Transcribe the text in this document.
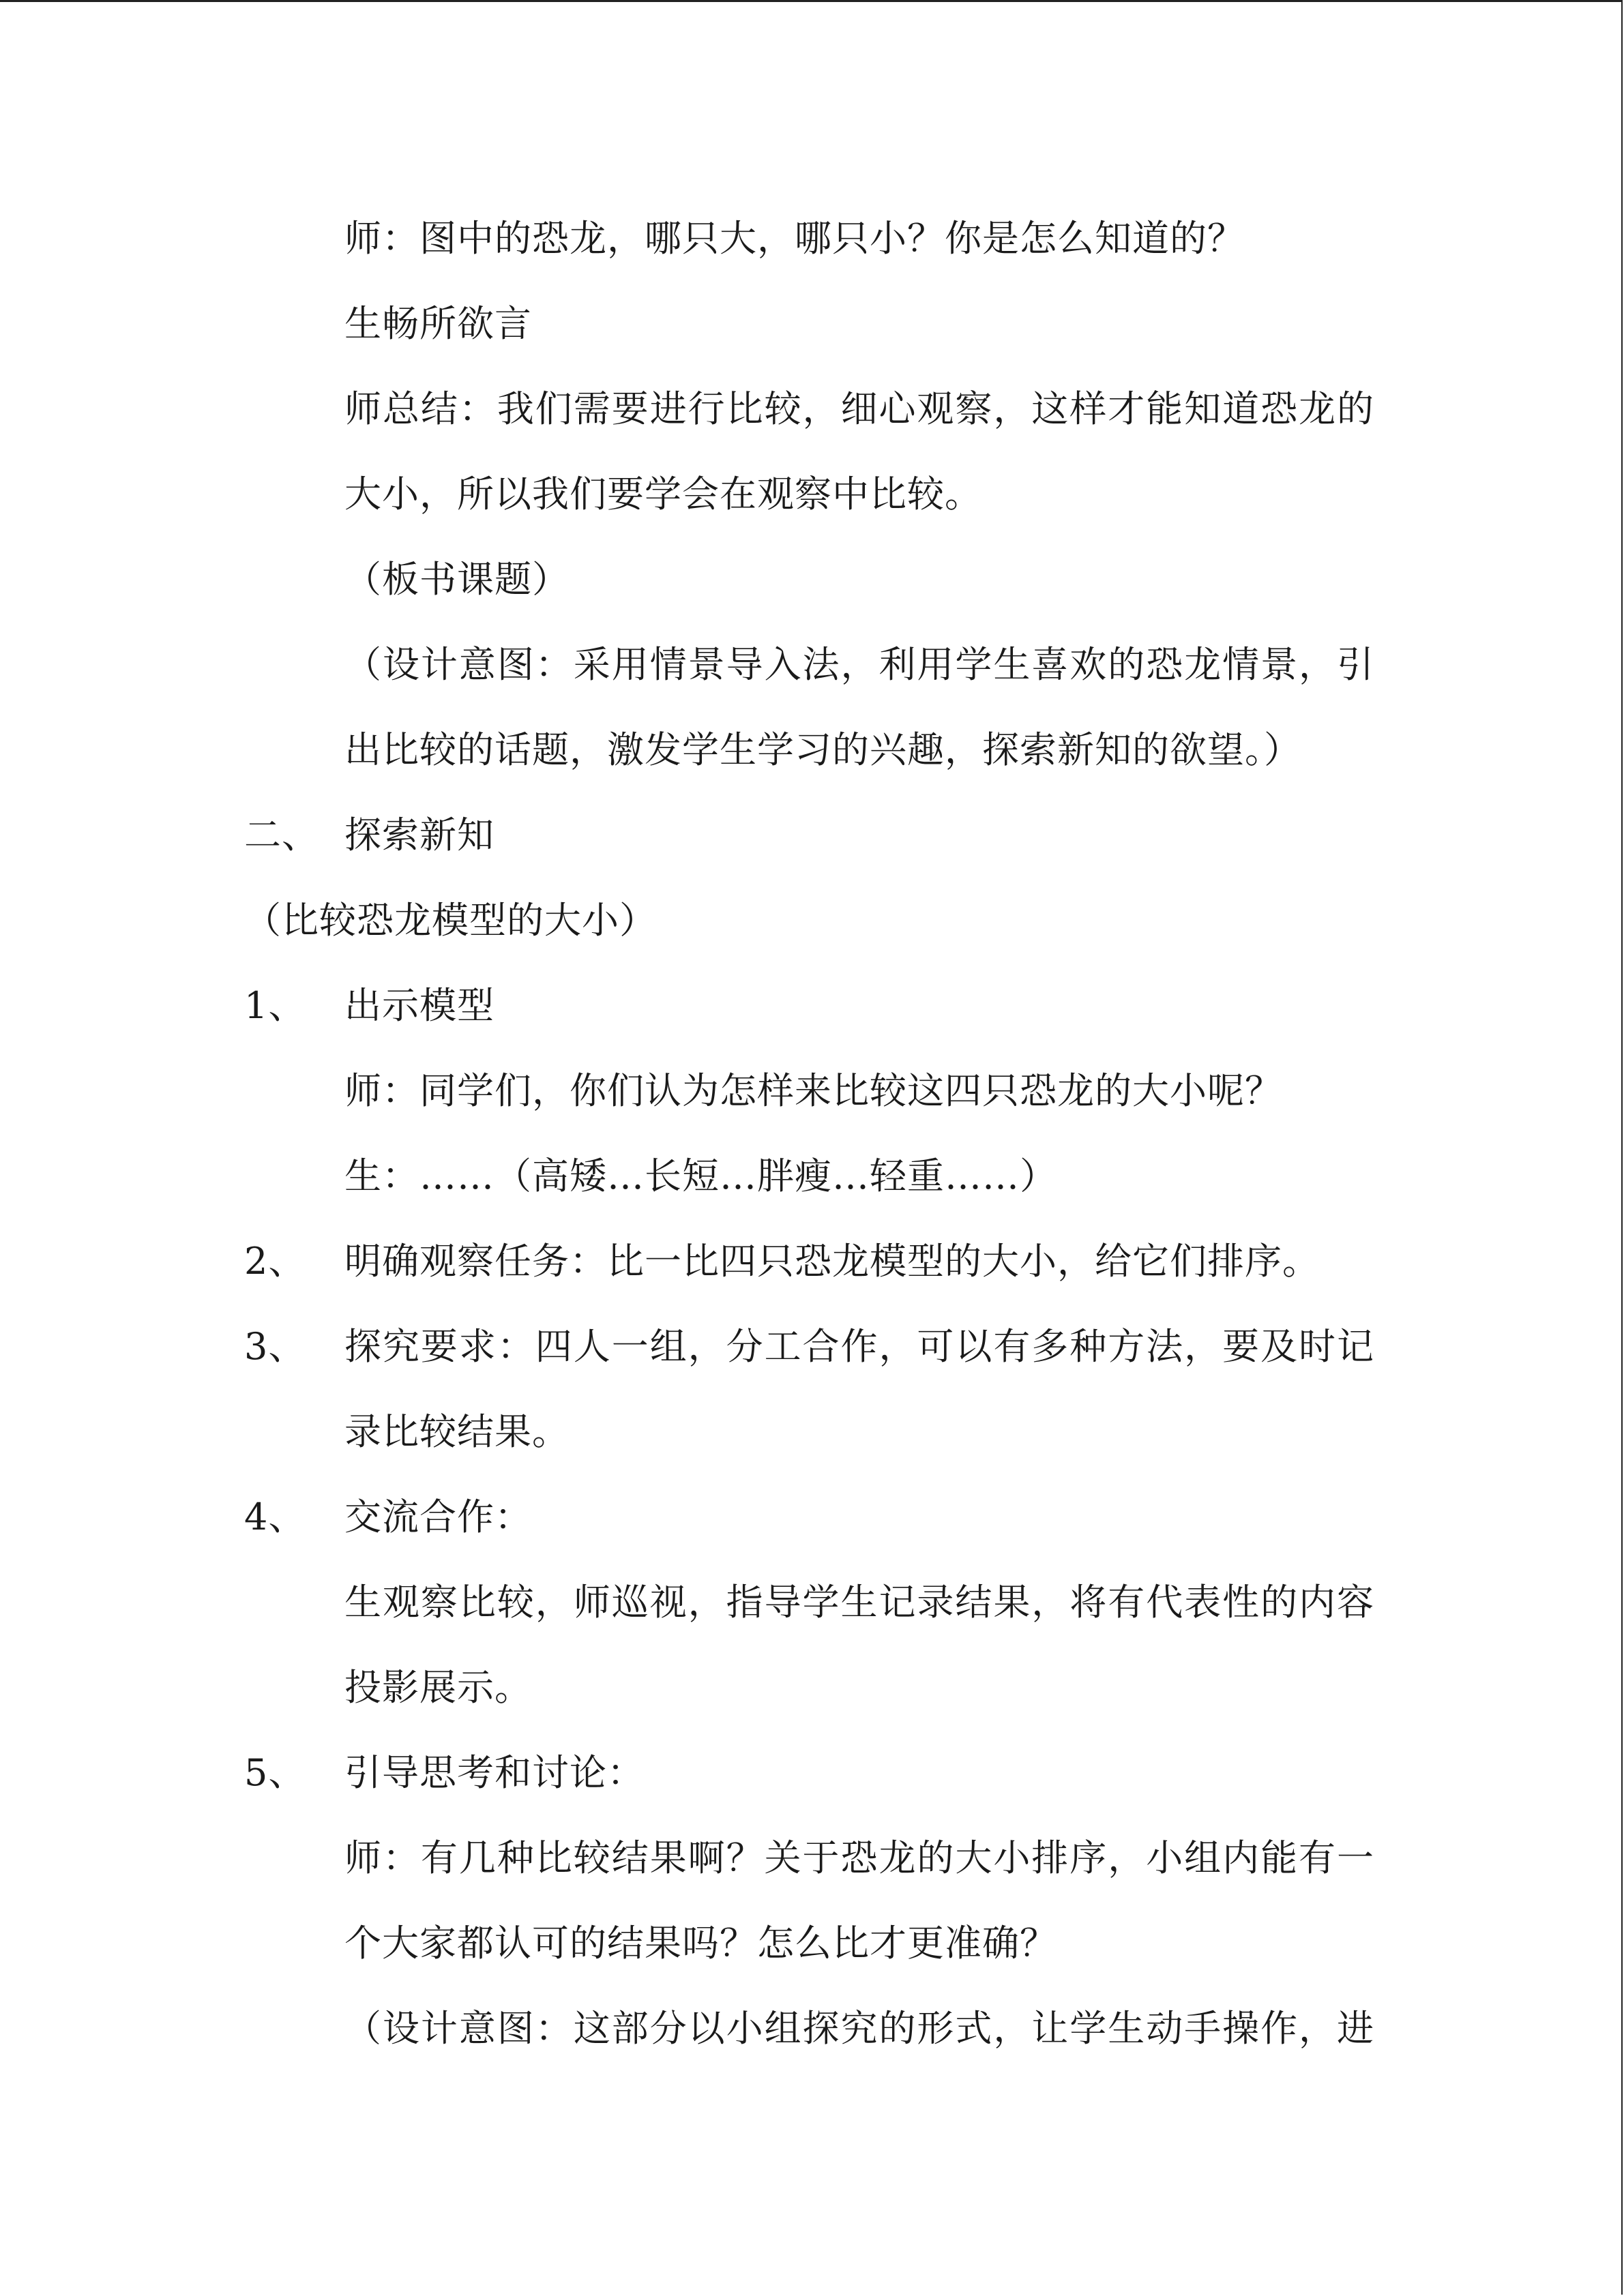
师：图中的恐龙，哪只大，哪只小？你是怎么知道的？
生畅所欲言
师总结：我们需要进行比较，细心观察，这样才能知道恐龙的
大小，所以我们要学会在观察中比较。
（板书课题）
（设计意图：采用情景导入法，利用学生喜欢的恐龙情景，引
出比较的话题，激发学生学习的兴趣，探索新知的欲望。）
二、 探索新知
（比较恐龙模型的大小）
1、 出示模型
师：同学们，你们认为怎样来比较这四只恐龙的大小呢？
生：……（高矮…长短…胖瘦…轻重……）
2、 明确观察任务：比一比四只恐龙模型的大小，给它们排序。
3、 探究要求：四人一组，分工合作，可以有多种方法，要及时记
录比较结果。
4、 交流合作：
生观察比较，师巡视，指导学生记录结果，将有代表性的内容
投影展示。
5、 引导思考和讨论：
师：有几种比较结果啊？关于恐龙的大小排序，小组内能有一
个大家都认可的结果吗？怎么比才更准确？
（设计意图：这部分以小组探究的形式，让学生动手操作，进
